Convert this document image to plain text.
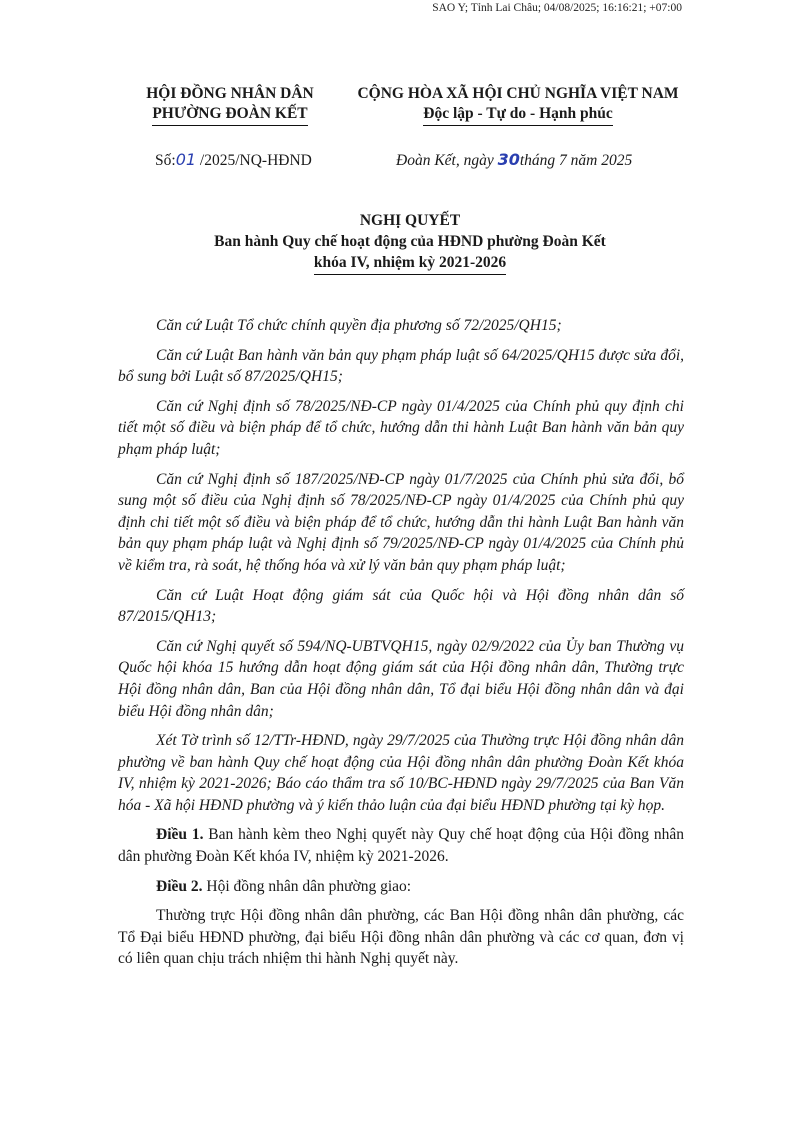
SAO Y; Tỉnh Lai Châu; 04/08/2025; 16:16:21; +07:00
HỘI ĐỒNG NHÂN DÂN
PHƯỜNG ĐOÀN KẾT
CỘNG HÒA XÃ HỘI CHỦ NGHĨA VIỆT NAM
Độc lập - Tự do - Hạnh phúc
Số:01 /2025/NQ-HĐND	Đoàn Kết, ngày 30tháng 7 năm 2025
NGHỊ QUYẾT
Ban hành Quy chế hoạt động của HĐND phường Đoàn Kết
khóa IV, nhiệm kỳ 2021-2026

Căn cứ Luật Tổ chức chính quyền địa phương số 72/2025/QH15;

Căn cứ Luật Ban hành văn bản quy phạm pháp luật số 64/2025/QH15 được sửa đổi, bổ sung bởi Luật số 87/2025/QH15;

Căn cứ Nghị định số 78/2025/NĐ-CP ngày 01/4/2025 của Chính phủ quy định chi tiết một số điều và biện pháp để tổ chức, hướng dẫn thi hành Luật Ban hành văn bản quy phạm pháp luật;

Căn cứ Nghị định số 187/2025/NĐ-CP ngày 01/7/2025 của Chính phủ sửa đổi, bổ sung một số điều của Nghị định số 78/2025/NĐ-CP ngày 01/4/2025 của Chính phủ quy định chi tiết một số điều và biện pháp để tổ chức, hướng dẫn thi hành Luật Ban hành văn bản quy phạm pháp luật và Nghị định số 79/2025/NĐ-CP ngày 01/4/2025 của Chính phủ về kiểm tra, rà soát, hệ thống hóa và xử lý văn bản quy phạm pháp luật;

Căn cứ Luật Hoạt động giám sát của Quốc hội và Hội đồng nhân dân số 87/2015/QH13;

Căn cứ Nghị quyết số 594/NQ-UBTVQH15, ngày 02/9/2022 của Ủy ban Thường vụ Quốc hội khóa 15 hướng dẫn hoạt động giám sát của Hội đồng nhân dân, Thường trực Hội đồng nhân dân, Ban của Hội đồng nhân dân, Tổ đại biểu Hội đồng nhân dân và đại biểu Hội đồng nhân dân;

Xét Tờ trình số 12/TTr-HĐND, ngày 29/7/2025 của Thường trực Hội đồng nhân dân phường về ban hành Quy chế hoạt động của Hội đồng nhân dân phường Đoàn Kết khóa IV, nhiệm kỳ 2021-2026; Báo cáo thẩm tra số 10/BC-HĐND ngày 29/7/2025 của Ban Văn hóa - Xã hội HĐND phường và ý kiến thảo luận của đại biểu HĐND phường tại kỳ họp.

Điều 1. Ban hành kèm theo Nghị quyết này Quy chế hoạt động của Hội đồng nhân dân phường Đoàn Kết khóa IV, nhiệm kỳ 2021-2026.

Điều 2. Hội đồng nhân dân phường giao:

Thường trực Hội đồng nhân dân phường, các Ban Hội đồng nhân dân phường, các Tổ Đại biểu HĐND phường, đại biểu Hội đồng nhân dân phường và các cơ quan, đơn vị có liên quan chịu trách nhiệm thi hành Nghị quyết này.
